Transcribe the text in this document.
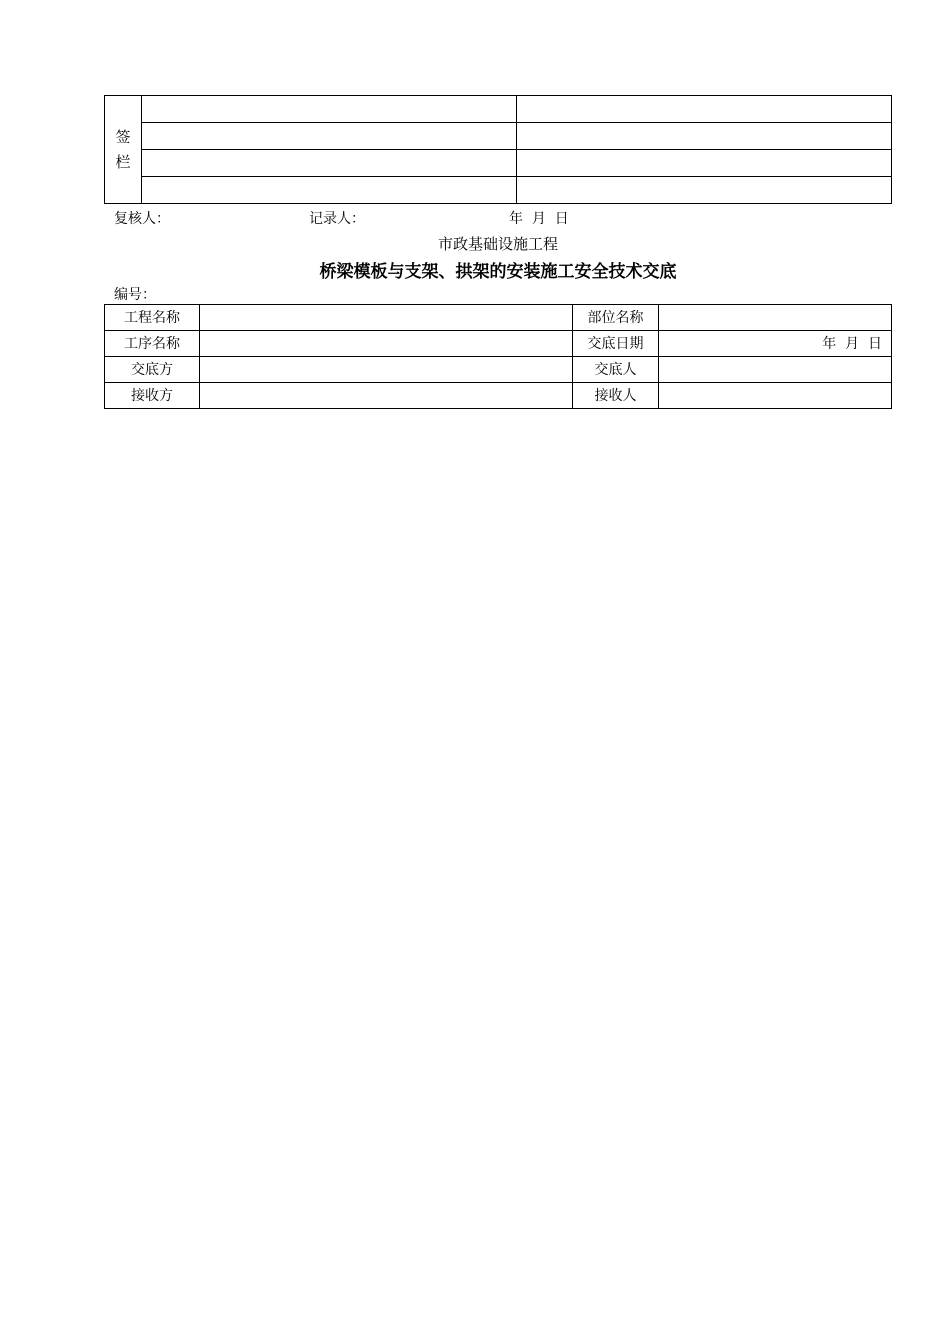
签
栏		

复核人：	记录人：	年  月  日
市政基础设施工程
桥梁模板与支架、拱架的安装施工安全技术交底
编号：
工程名称		部位名称	
工序名称		交底日期	年  月  日
交底方		交底人	
接收方		接收人	
